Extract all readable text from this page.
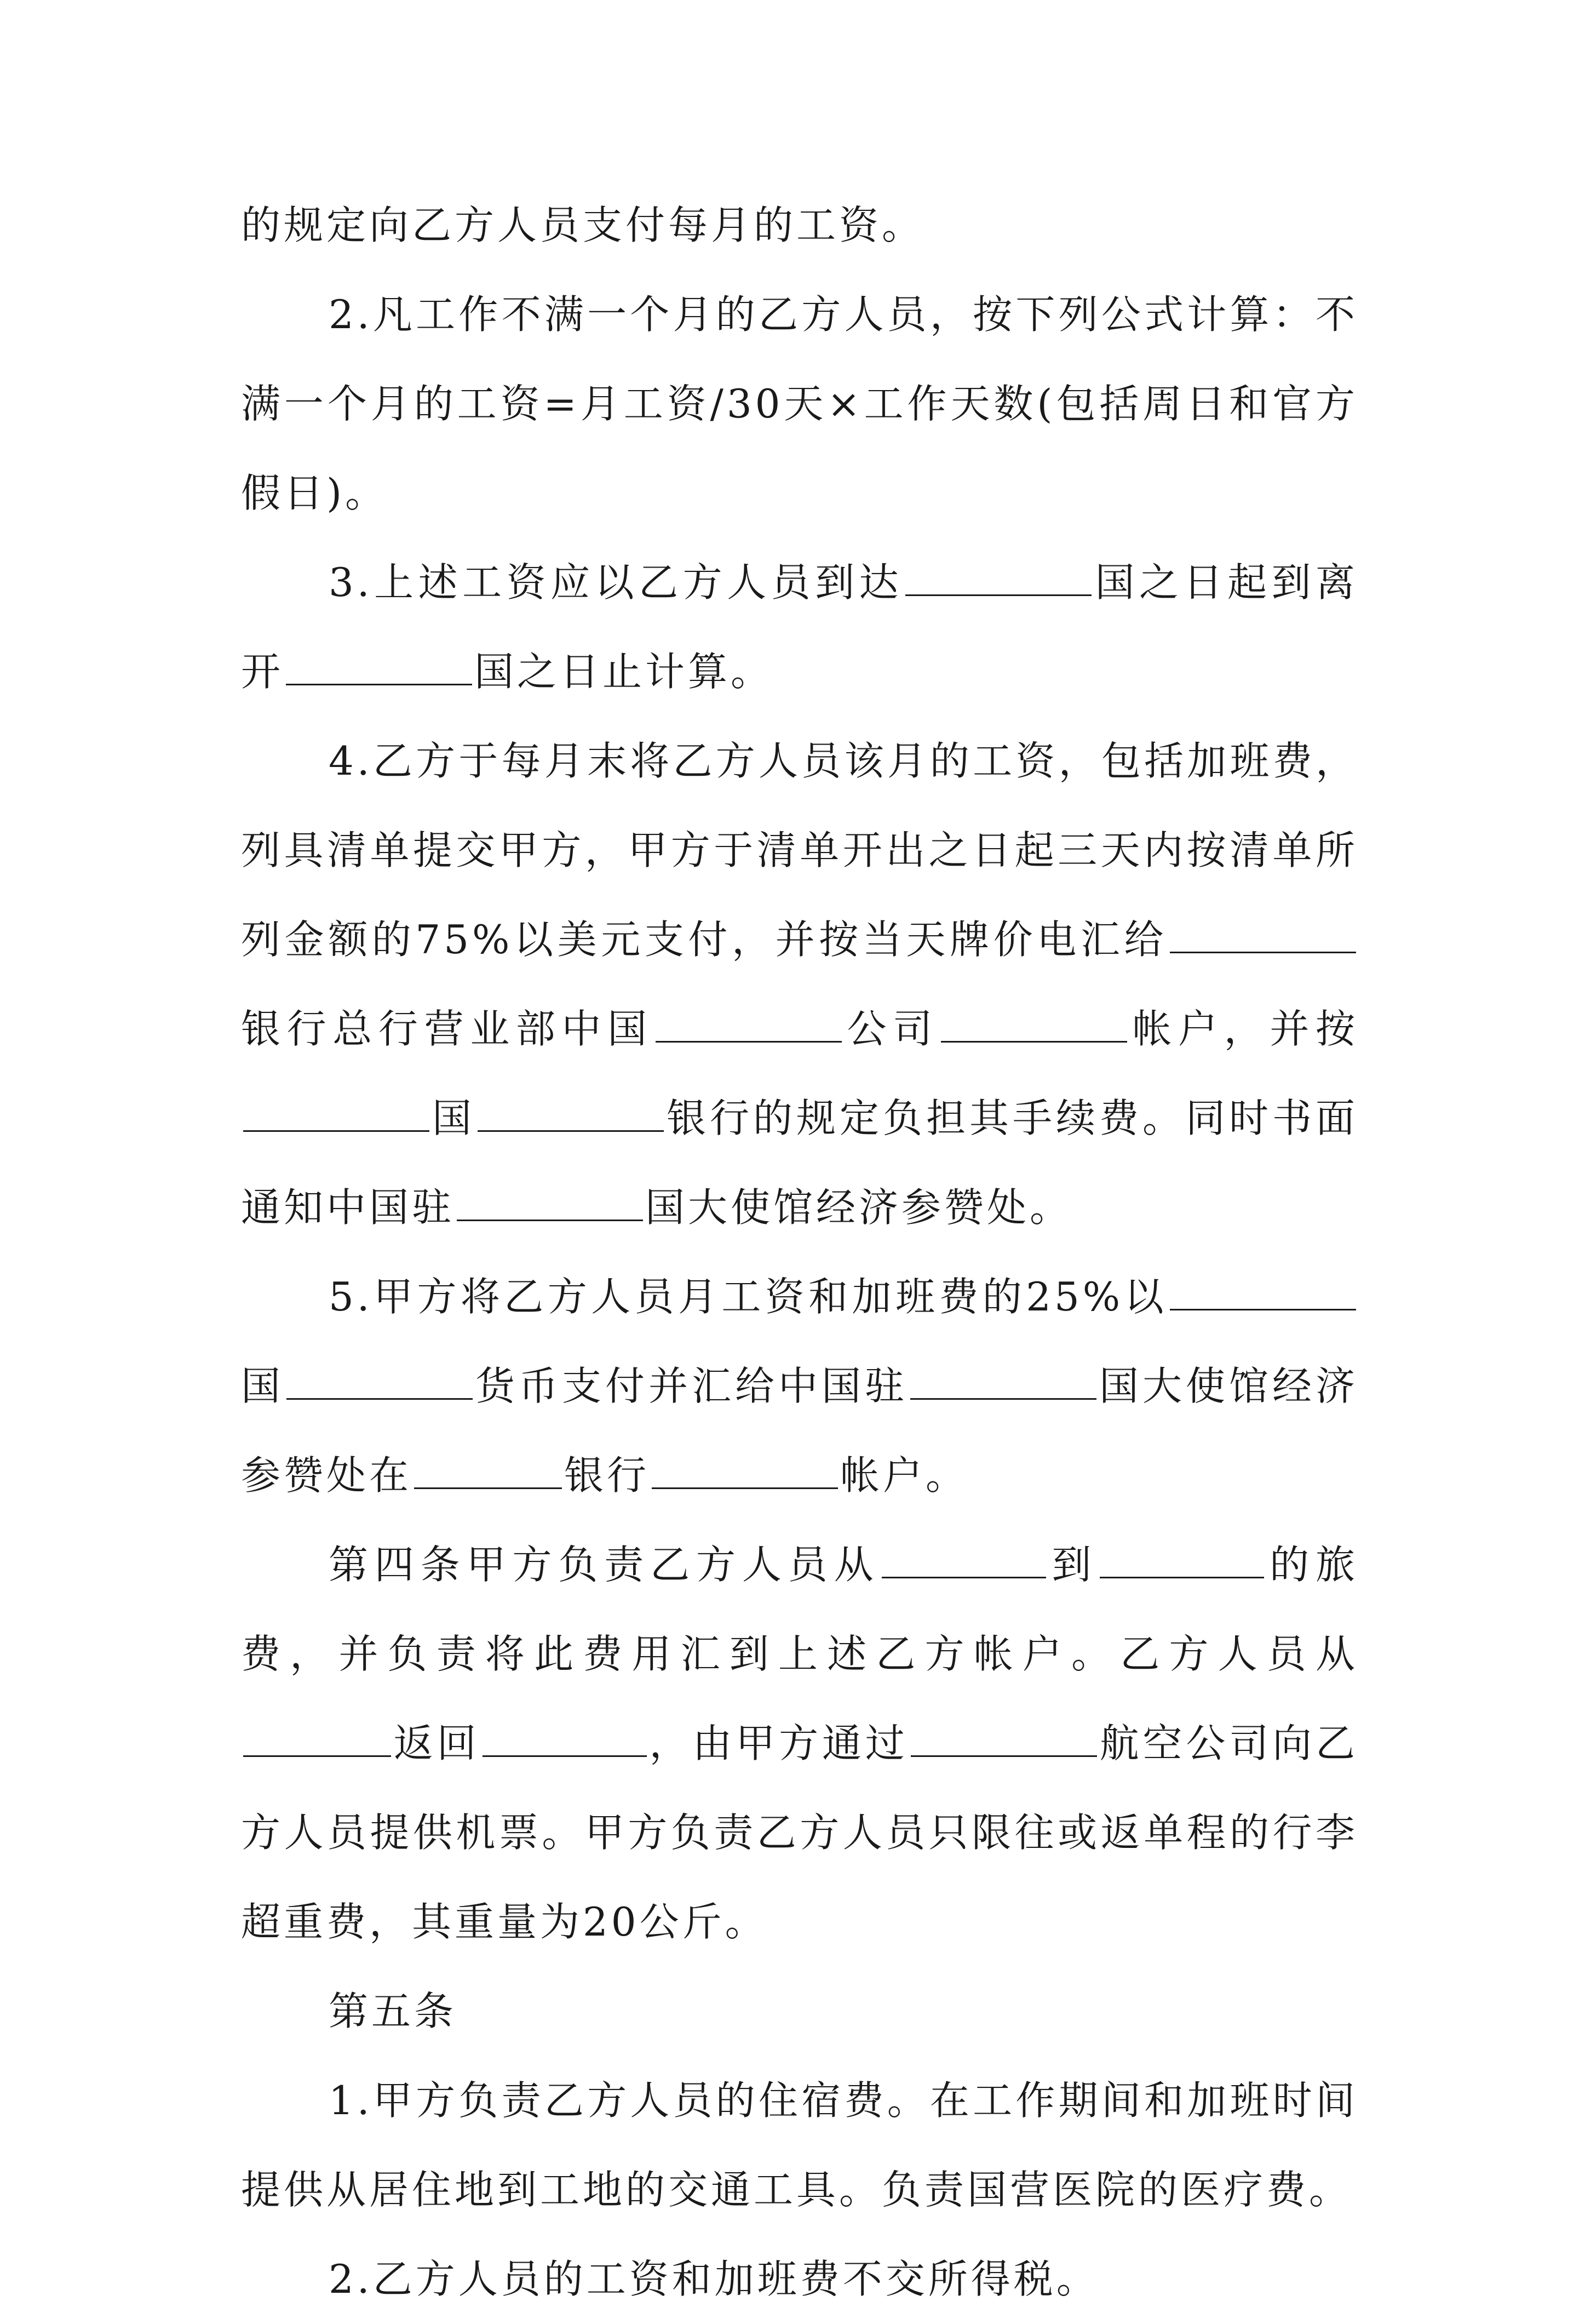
的规定向乙方人员支付每月的工资。

2.凡工作不满一个月的乙方人员，按下列公式计算：不满一个月的工资=月工资/30天×工作天数(包括周日和官方假日)。

3.上述工资应以乙方人员到达	国之日起到离开	国之日止计算。

4.乙方于每月末将乙方人员该月的工资，包括加班费，列具清单提交甲方，甲方于清单开出之日起三天内按清单所列金额的75%以美元支付，并按当天牌价电汇给银行总行营业部中国	公司	帐户，并按国	银行的规定负担其手续费。同时书面通知中国驻	国大使馆经济参赞处。

5.甲方将乙方人员月工资和加班费的25%以国	货币支付并汇给中国驻	国大使馆经济参赞处在	银行	帐户。

第四条甲方负责乙方人员从	到	的旅费，并负责将此费用汇到上述乙方帐户。乙方人员从返回	，由甲方通过	航空公司向乙方人员提供机票。甲方负责乙方人员只限往或返单程的行李超重费，其重量为20公斤。

第五条

1.甲方负责乙方人员的住宿费。在工作期间和加班时间提供从居住地到工地的交通工具。负责国营医院的医疗费。

2.乙方人员的工资和加班费不交所得税。
